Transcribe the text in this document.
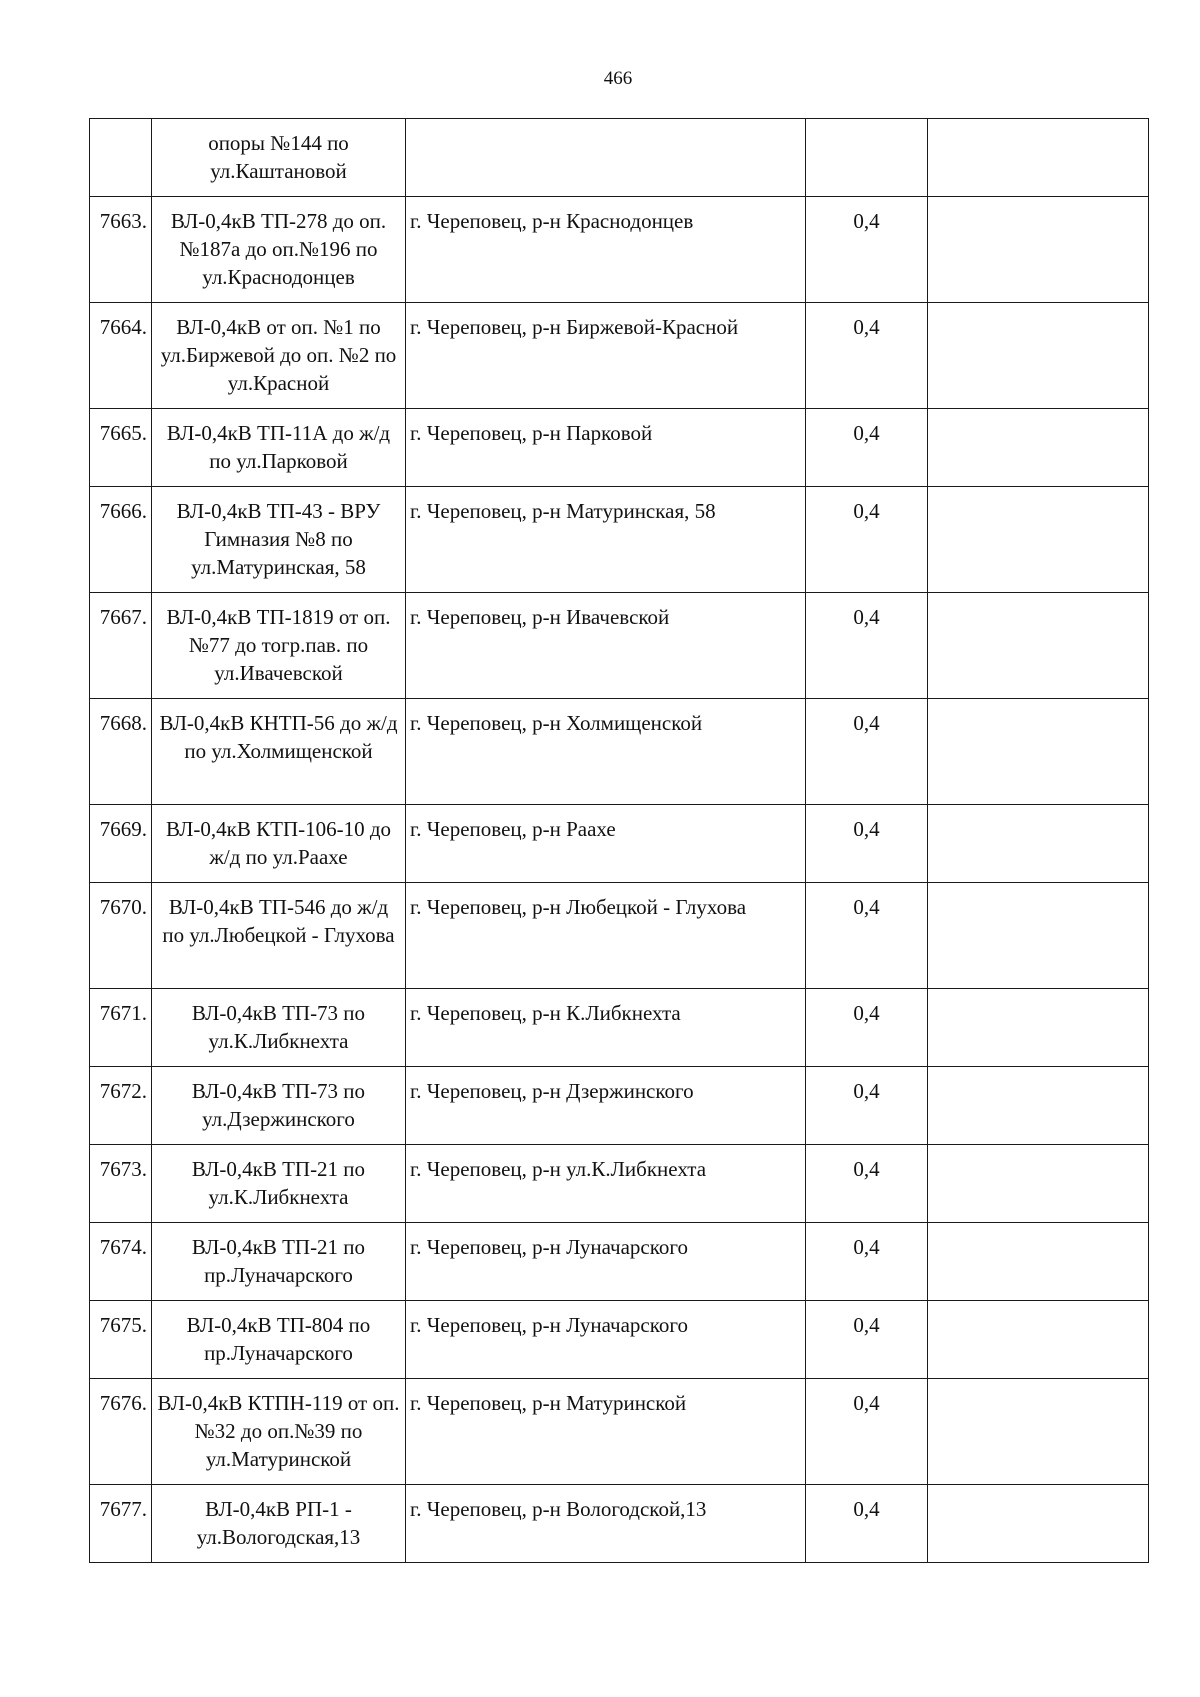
466
	опоры №144 по ул.Каштановой			
7663.	ВЛ-0,4кВ ТП-278 до оп.№187а до оп.№196 по ул.Краснодонцев	г. Череповец, р-н Краснодонцев	0,4	
7664.	ВЛ-0,4кВ от оп. №1 по ул.Биржевой до оп. №2 по ул.Красной	г. Череповец, р-н Биржевой-Красной	0,4	
7665.	ВЛ-0,4кВ ТП-11А до ж/д по ул.Парковой	г. Череповец, р-н Парковой	0,4	
7666.	ВЛ-0,4кВ ТП-43 - ВРУ Гимназия №8 по ул.Матуринская, 58	г. Череповец, р-н Матуринская, 58	0,4	
7667.	ВЛ-0,4кВ ТП-1819 от оп.№77 до тогр.пав. по ул.Ивачевской	г. Череповец, р-н Ивачевской	0,4	
7668.	ВЛ-0,4кВ КНТП-56 до ж/д по ул.Холмищенской	г. Череповец, р-н Холмищенской	0,4	
7669.	ВЛ-0,4кВ КТП-106-10 до ж/д по ул.Раахе	г. Череповец, р-н Раахе	0,4	
7670.	ВЛ-0,4кВ ТП-546 до ж/д по ул.Любецкой - Глухова	г. Череповец, р-н Любецкой - Глухова	0,4	
7671.	ВЛ-0,4кВ ТП-73 по ул.К.Либкнехта	г. Череповец, р-н К.Либкнехта	0,4	
7672.	ВЛ-0,4кВ ТП-73 по ул.Дзержинского	г. Череповец, р-н Дзержинского	0,4	
7673.	ВЛ-0,4кВ ТП-21 по ул.К.Либкнехта	г. Череповец, р-н ул.К.Либкнехта	0,4	
7674.	ВЛ-0,4кВ ТП-21 по пр.Луначарского	г. Череповец, р-н Луначарского	0,4	
7675.	ВЛ-0,4кВ ТП-804 по пр.Луначарского	г. Череповец, р-н Луначарского	0,4	
7676.	ВЛ-0,4кВ КТПН-119 от оп.№32 до оп.№39 по ул.Матуринской	г. Череповец, р-н Матуринской	0,4	
7677.	ВЛ-0,4кВ РП-1 - ул.Вологодская,13	г. Череповец, р-н Вологодской,13	0,4	
